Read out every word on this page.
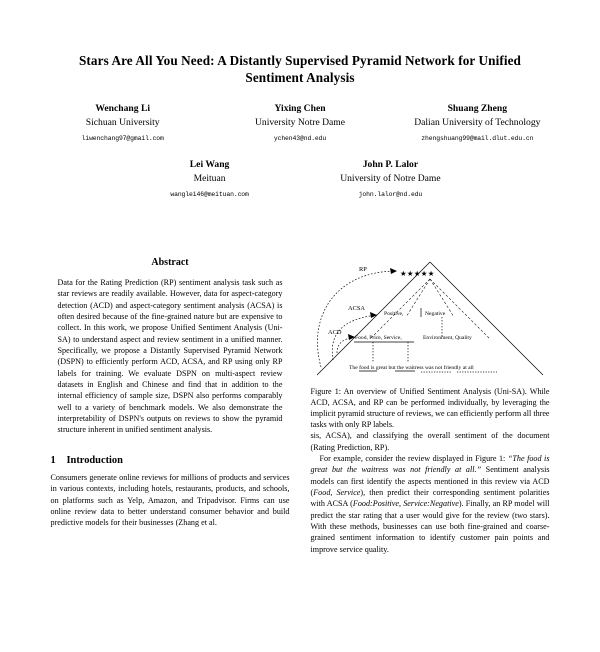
Stars Are All You Need: A Distantly Supervised Pyramid Network for Unified Sentiment Analysis
Wenchang Li
Sichuan University
liwenchang97@gmail.com
Yixing Chen
University Notre Dame
ychen43@nd.edu
Shuang Zheng
Dalian University of Technology
zhengshuang99@mail.dlut.edu.cn
Lei Wang
Meituan
wanglei46@meituan.com
John P. Lalor
University of Notre Dame
john.lalor@nd.edu
Abstract

Data for the Rating Prediction (RP) sentiment analysis task such as star reviews are readily available. However, data for aspect-category detection (ACD) and aspect-category sentiment analysis (ACSA) is often desired because of the fine-grained nature but are expensive to collect. In this work, we propose Unified Sentiment Analysis (Uni-SA) to understand aspect and review sentiment in a unified manner. Specifically, we propose a Distantly Supervised Pyramid Network (DSPN) to efficiently perform ACD, ACSA, and RP using only RP labels for training. We evaluate DSPN on multi-aspect review datasets in English and Chinese and find that in addition to the internal efficiency of sample size, DSPN also performs comparably well to a variety of benchmark models. We also demonstrate the interpretability of DSPN's outputs on reviews to show the pyramid structure inherent in unified sentiment analysis.

1 Introduction

Consumers generate online reviews for millions of products and services in various contexts, including hotels, restaurants, products, and schools, on platforms such as Yelp, Amazon, and Tripadvisor. Firms can use online review data to better understand consumer behavior and build predictive models for their businesses (Zhang et al.

RP
ACSA
ACD
★★★★★
Positive,	Negative
Food, Price, Service,	Environment, Quality
The food is great but the waitress was not friendly at all

Figure 1: An overview of Unified Sentiment Analysis (Uni-SA). While ACD, ACSA, and RP can be performed individually, by leveraging the implicit pyramid structure of reviews, we can efficiently perform all three tasks with only RP labels.

sis, ACSA), and classifying the overall sentiment of the document (Rating Prediction, RP).

For example, consider the review displayed in Figure 1: “The food is great but the waitress was not friendly at all.” Sentiment analysis models can first identify the aspects mentioned in this review via ACD (Food, Service), then predict their corresponding sentiment polarities with ACSA (Food:Positive, Service:Negative). Finally, an RP model will predict the star rating that a user would give for the review (two stars). With these methods, businesses can use both fine-grained and coarse-grained sentiment information to identify customer pain points and improve service quality.
